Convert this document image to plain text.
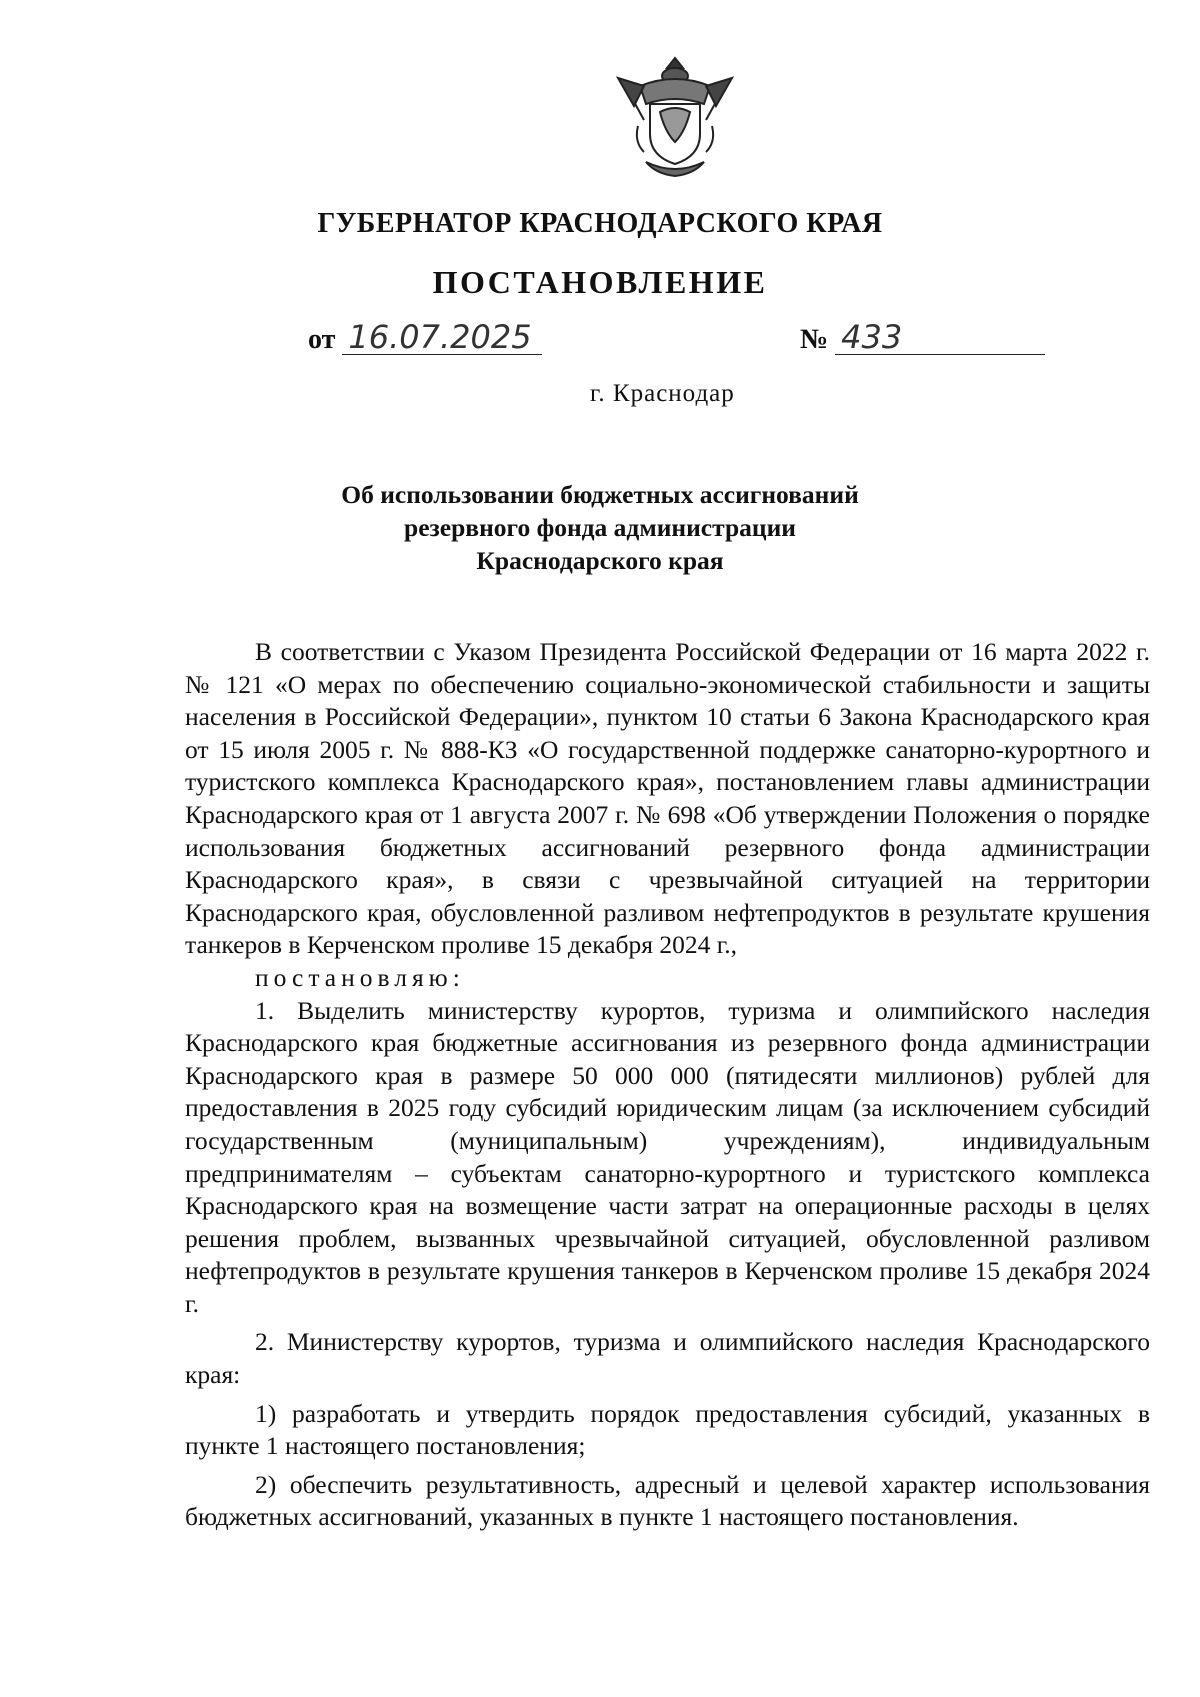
ГУБЕРНАТОР КРАСНОДАРСКОГО КРАЯ
ПОСТАНОВЛЕНИЕ
от 16.07.2025	№ 433
г. Краснодар
Об использовании бюджетных ассигнований
резервного фонда администрации
Краснодарского края

В соответствии с Указом Президента Российской Федерации от 16 марта 2022 г. № 121 «О мерах по обеспечению социально-экономической стабильности и защиты населения в Российской Федерации», пунктом 10 статьи 6 Закона Краснодарского края от 15 июля 2005 г. № 888-КЗ «О государственной поддержке санаторно-курортного и туристского комплекса Краснодарского края», постановлением главы администрации Краснодарского края от 1 августа 2007 г. № 698 «Об утверждении Положения о порядке использования бюджетных ассигнований резервного фонда администрации Краснодарского края», в связи с чрезвычайной ситуацией на территории Краснодарского края, обусловленной разливом нефтепродуктов в результате крушения танкеров в Керченском проливе 15 декабря 2024 г.,

постановляю:

1. Выделить министерству курортов, туризма и олимпийского наследия Краснодарского края бюджетные ассигнования из резервного фонда администрации Краснодарского края в размере 50 000 000 (пятидесяти миллионов) рублей для предоставления в 2025 году субсидий юридическим лицам (за исключением субсидий государственным (муниципальным) учреждениям), индивидуальным предпринимателям – субъектам санаторно-курортного и туристского комплекса Краснодарского края на возмещение части затрат на операционные расходы в целях решения проблем, вызванных чрезвычайной ситуацией, обусловленной разливом нефтепродуктов в результате крушения танкеров в Керченском проливе 15 декабря 2024 г.

2. Министерству курортов, туризма и олимпийского наследия Краснодарского края:

1) разработать и утвердить порядок предоставления субсидий, указанных в пункте 1 настоящего постановления;

2) обеспечить результативность, адресный и целевой характер использования бюджетных ассигнований, указанных в пункте 1 настоящего постановления.
